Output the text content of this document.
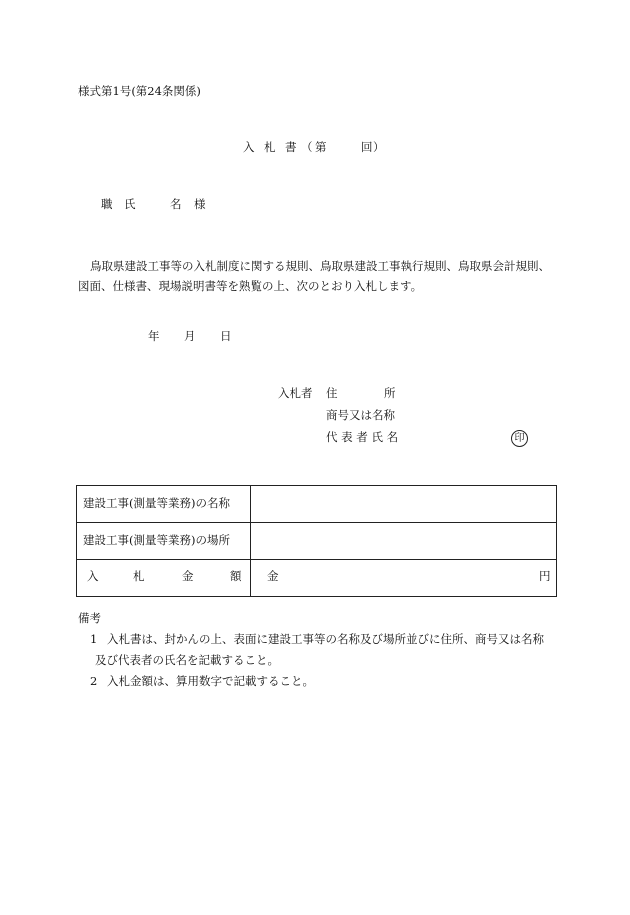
様式第1号(第24条関係)
入 札 書 （ 第	回 ）
職 氏	名 様
鳥取県建設工事等の入札制度に関する規則、鳥取県建設工事執行規則、鳥取県会計規則、
図面、仕様書、現場説明書等を熟覧の上、次のとおり入札します。
年 月 日
入札者 住	所
商号又は名称
代 表 者 氏 名	印
建設工事(測量等業務)の名称	
建設工事(測量等業務)の場所	

入 札 金 額	金 円
備考
1 入札書は、封かんの上、表面に建設工事等の名称及び場所並びに住所、商号又は名称
及び代表者の氏名を記載すること。
2 入札金額は、算用数字で記載すること。
